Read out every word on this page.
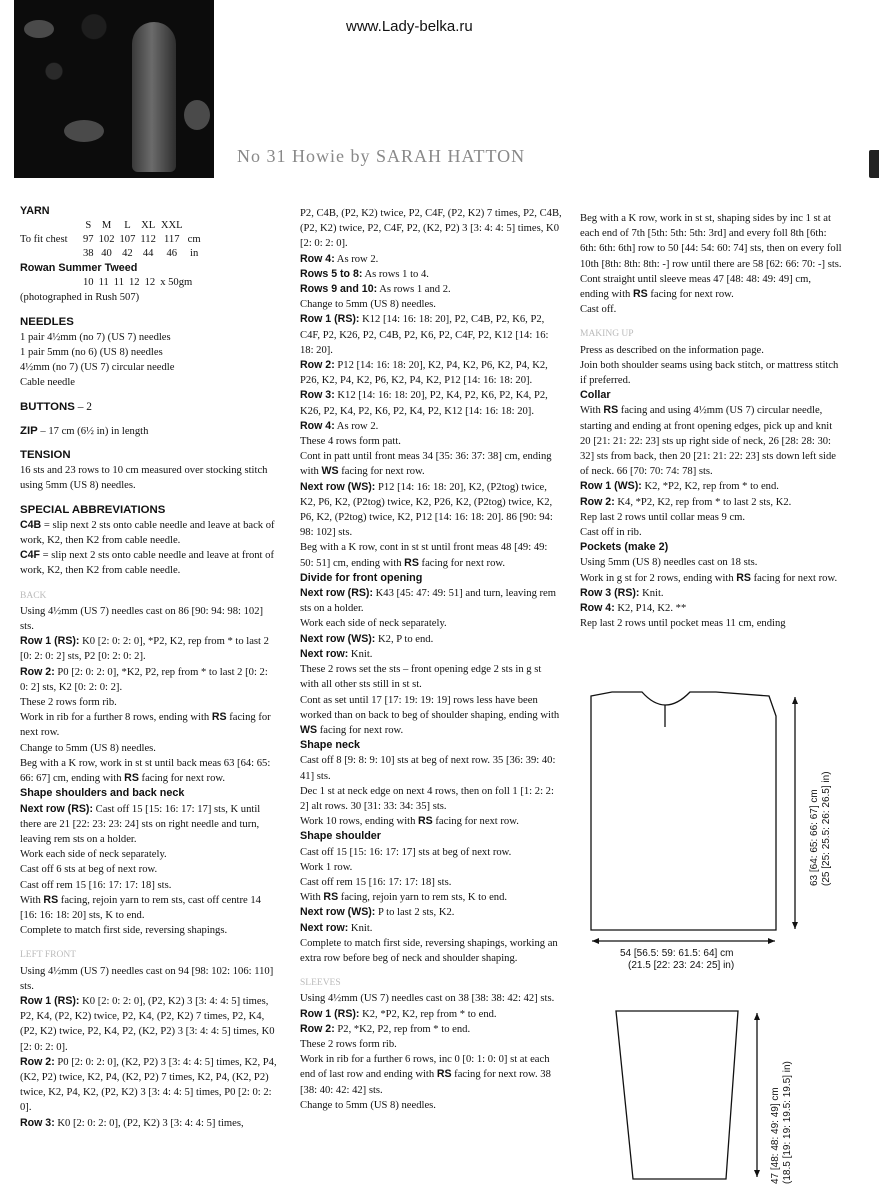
www.Lady-belka.ru
No 31 Howie by SARAH HATTON

YARN

	S	M	L	XL	XXL	
To fit chest	97	102	107	112	117	cm
	38	40	42	44	46	in

Rowan Summer Tweed

	10	11	11	12	12	x 50gm

(photographed in Rush 507)

NEEDLES

1 pair 4½mm (no 7) (US 7) needles

1 pair 5mm (no 6) (US 8) needles

4½mm (no 7) (US 7) circular needle

Cable needle

BUTTONS – 2

ZIP – 17 cm (6½ in) in length

TENSION

16 sts and 23 rows to 10 cm measured over stocking stitch using 5mm (US 8) needles.

SPECIAL ABBREVIATIONS

C4B = slip next 2 sts onto cable needle and leave at back of work, K2, then K2 from cable needle.

C4F = slip next 2 sts onto cable needle and leave at front of work, K2, then K2 from cable needle.

BACK

Using 4½mm (US 7) needles cast on 86 [90: 94: 98: 102] sts.

Row 1 (RS): K0 [2: 0: 2: 0], *P2, K2, rep from * to last 2 [0: 2: 0: 2] sts, P2 [0: 2: 0: 2].

Row 2: P0 [2: 0: 2: 0], *K2, P2, rep from * to last 2 [0: 2: 0: 2] sts, K2 [0: 2: 0: 2].

These 2 rows form rib.

Work in rib for a further 8 rows, ending with RS facing for next row.

Change to 5mm (US 8) needles.

Beg with a K row, work in st st until back meas 63 [64: 65: 66: 67] cm, ending with RS facing for next row.

Shape shoulders and back neck

Next row (RS): Cast off 15 [15: 16: 17: 17] sts, K until there are 21 [22: 23: 23: 24] sts on right needle and turn, leaving rem sts on a holder.

Work each side of neck separately.

Cast off 6 sts at beg of next row.

Cast off rem 15 [16: 17: 17: 18] sts.

With RS facing, rejoin yarn to rem sts, cast off centre 14 [16: 16: 18: 20] sts, K to end.

Complete to match first side, reversing shapings.

LEFT FRONT

Using 4½mm (US 7) needles cast on 94 [98: 102: 106: 110] sts.

Row 1 (RS): K0 [2: 0: 2: 0], (P2, K2) 3 [3: 4: 4: 5] times, P2, K4, (P2, K2) twice, P2, K4, (P2, K2) 7 times, P2, K4, (P2, K2) twice, P2, K4, P2, (K2, P2) 3 [3: 4: 4: 5] times, K0 [2: 0: 2: 0].

Row 2: P0 [2: 0: 2: 0], (K2, P2) 3 [3: 4: 4: 5] times, K2, P4, (K2, P2) twice, K2, P4, (K2, P2) 7 times, K2, P4, (K2, P2) twice, K2, P4, K2, (P2, K2) 3 [3: 4: 4: 5] times, P0 [2: 0: 2: 0].

Row 3: K0 [2: 0: 2: 0], (P2, K2) 3 [3: 4: 4: 5] times,

P2, C4B, (P2, K2) twice, P2, C4F, (P2, K2) 7 times, P2, C4B, (P2, K2) twice, P2, C4F, P2, (K2, P2) 3 [3: 4: 4: 5] times, K0 [2: 0: 2: 0].

Row 4: As row 2.

Rows 5 to 8: As rows 1 to 4.

Rows 9 and 10: As rows 1 and 2.

Change to 5mm (US 8) needles.

Row 1 (RS): K12 [14: 16: 18: 20], P2, C4B, P2, K6, P2, C4F, P2, K26, P2, C4B, P2, K6, P2, C4F, P2, K12 [14: 16: 18: 20].

Row 2: P12 [14: 16: 18: 20], K2, P4, K2, P6, K2, P4, K2, P26, K2, P4, K2, P6, K2, P4, K2, P12 [14: 16: 18: 20].

Row 3: K12 [14: 16: 18: 20], P2, K4, P2, K6, P2, K4, P2, K26, P2, K4, P2, K6, P2, K4, P2, K12 [14: 16: 18: 20].

Row 4: As row 2.

These 4 rows form patt.

Cont in patt until front meas 34 [35: 36: 37: 38] cm, ending with WS facing for next row.

Next row (WS): P12 [14: 16: 18: 20], K2, (P2tog) twice, K2, P6, K2, (P2tog) twice, K2, P26, K2, (P2tog) twice, K2, P6, K2, (P2tog) twice, K2, P12 [14: 16: 18: 20]. 86 [90: 94: 98: 102] sts.

Beg with a K row, cont in st st until front meas 48 [49: 49: 50: 51] cm, ending with RS facing for next row.

Divide for front opening

Next row (RS): K43 [45: 47: 49: 51] and turn, leaving rem sts on a holder.

Work each side of neck separately.

Next row (WS): K2, P to end.

Next row: Knit.

These 2 rows set the sts – front opening edge 2 sts in g st with all other sts still in st st.

Cont as set until 17 [17: 19: 19: 19] rows less have been worked than on back to beg of shoulder shaping, ending with WS facing for next row.

Shape neck

Cast off 8 [9: 8: 9: 10] sts at beg of next row. 35 [36: 39: 40: 41] sts.

Dec 1 st at neck edge on next 4 rows, then on foll 1 [1: 2: 2: 2] alt rows. 30 [31: 33: 34: 35] sts.

Work 10 rows, ending with RS facing for next row.

Shape shoulder

Cast off 15 [15: 16: 17: 17] sts at beg of next row.

Work 1 row.

Cast off rem 15 [16: 17: 17: 18] sts.

With RS facing, rejoin yarn to rem sts, K to end.

Next row (WS): P to last 2 sts, K2.

Next row: Knit.

Complete to match first side, reversing shapings, working an extra row before beg of neck and shoulder shaping.

SLEEVES

Using 4½mm (US 7) needles cast on 38 [38: 38: 42: 42] sts.

Row 1 (RS): K2, *P2, K2, rep from * to end.

Row 2: P2, *K2, P2, rep from * to end.

These 2 rows form rib.

Work in rib for a further 6 rows, inc 0 [0: 1: 0: 0] st at each end of last row and ending with RS facing for next row. 38 [38: 40: 42: 42] sts.

Change to 5mm (US 8) needles.

Beg with a K row, work in st st, shaping sides by inc 1 st at each end of 7th [5th: 5th: 5th: 3rd] and every foll 8th [6th: 6th: 6th: 6th] row to 50 [44: 54: 60: 74] sts, then on every foll 10th [8th: 8th: 8th: -] row until there are 58 [62: 66: 70: -] sts.

Cont straight until sleeve meas 47 [48: 48: 49: 49] cm, ending with RS facing for next row.

Cast off.

MAKING UP

Press as described on the information page.

Join both shoulder seams using back stitch, or mattress stitch if preferred.

Collar

With RS facing and using 4½mm (US 7) circular needle, starting and ending at front opening edges, pick up and knit 20 [21: 21: 22: 23] sts up right side of neck, 26 [28: 28: 30: 32] sts from back, then 20 [21: 21: 22: 23] sts down left side of neck. 66 [70: 70: 74: 78] sts.

Row 1 (WS): K2, *P2, K2, rep from * to end.

Row 2: K4, *P2, K2, rep from * to last 2 sts, K2.

Rep last 2 rows until collar meas 9 cm.

Cast off in rib.

Pockets (make 2)

Using 5mm (US 8) needles cast on 18 sts.

Work in g st for 2 rows, ending with RS facing for next row.

Row 3 (RS): Knit.

Row 4: K2, P14, K2. **

Rep last 2 rows until pocket meas 11 cm, ending

63 [64: 65: 66: 67] cm (25 [25: 25.5: 26: 26.5] in)
54 [56.5: 59: 61.5: 64] cm
(21.5 [22: 23: 24: 25] in)
47 [48: 48: 49: 49] cm (18.5 [19: 19: 19.5: 19.5] in)
